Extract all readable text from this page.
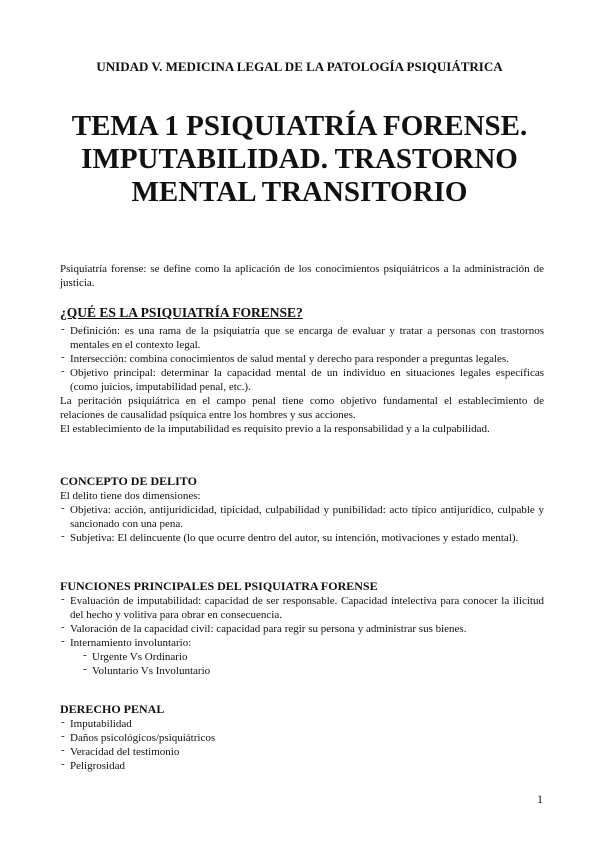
UNIDAD V. MEDICINA LEGAL DE LA PATOLOGÍA PSIQUIÁTRICA
TEMA 1 PSIQUIATRÍA FORENSE. IMPUTABILIDAD. TRASTORNO MENTAL TRANSITORIO
Psiquiatría forense: se define como la aplicación de los conocimientos psiquiátricos a la administración de justicia.
¿QUÉ ES LA PSIQUIATRÍA FORENSE?
- Definición: es una rama de la psiquiatría que se encarga de evaluar y tratar a personas con trastornos mentales en el contexto legal.
- Intersección: combina conocimientos de salud mental y derecho para responder a preguntas legales.
- Objetivo principal: determinar la capacidad mental de un individuo en situaciones legales específicas (como juicios, imputabilidad penal, etc.).
La peritación psiquiátrica en el campo penal tiene como objetivo fundamental el establecimiento de relaciones de causalidad psíquica entre los hombres y sus acciones.
El establecimiento de la imputabilidad es requisito previo a la responsabilidad y a la culpabilidad.
CONCEPTO DE DELITO
El delito tiene dos dimensiones:
- Objetiva: acción, antijuridicidad, tipicidad, culpabilidad y punibilidad: acto típico antijurídico, culpable y sancionado con una pena.
- Subjetiva: El delincuente (lo que ocurre dentro del autor, su intención, motivaciones y estado mental).
FUNCIONES PRINCIPALES DEL PSIQUIATRA FORENSE
- Evaluación de imputabilidad: capacidad de ser responsable. Capacidad intelectiva para conocer la ilicitud del hecho y volitiva para obrar en consecuencia.
- Valoración de la capacidad civil: capacidad para regir su persona y administrar sus bienes.
- Internamiento involuntario:
- Urgente Vs Ordinario
- Voluntario Vs Involuntario
DERECHO PENAL
- Imputabilidad
- Daños psicológicos/psiquiátricos
- Veracidad del testimonio
- Peligrosidad
1
